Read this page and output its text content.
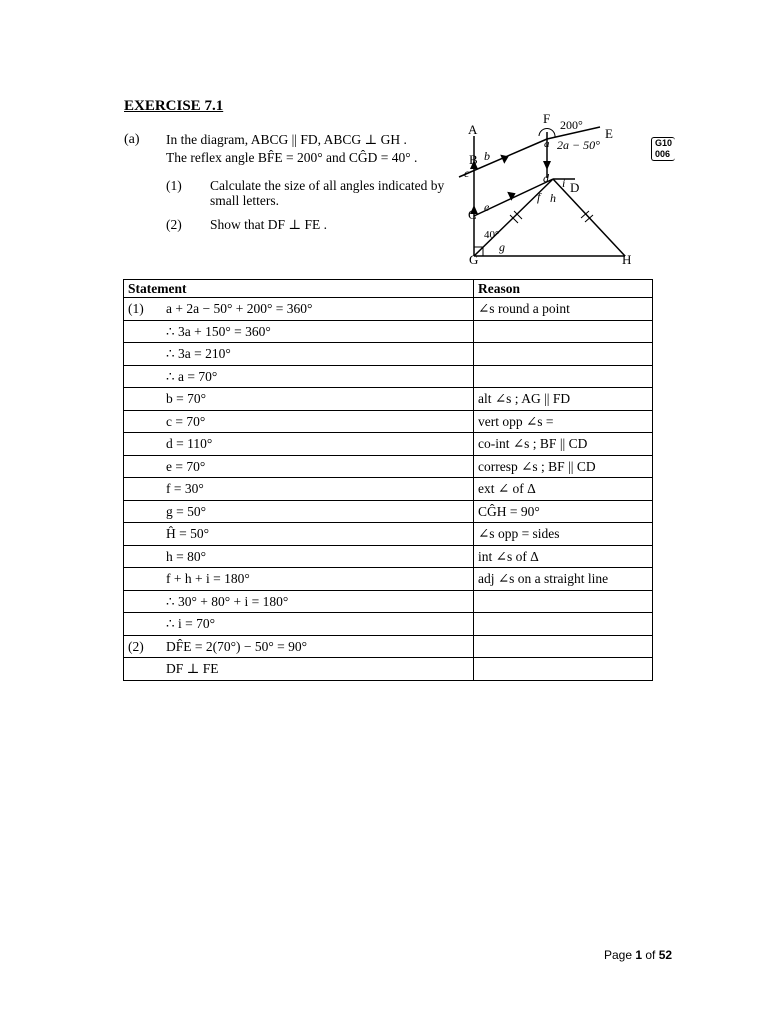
EXERCISE 7.1
(a) In the diagram, ABCG || FD, ABCG ⊥ GH .
The reflex angle BF̂E = 200° and CĜD = 40° .
(1) Calculate the size of all angles indicated by small letters.
(2) Show that DF ⊥ FE .
G10
006
A
B
C
G
F
E
D
H
a
b
c	d
e
f
g
h
i
200°
2a − 50°
40°
Statement	Reason
(1) a + 2a − 50° + 200° = 360°	∠s round a point
∴ 3a + 150° = 360°	
∴ 3a = 210°	
∴ a = 70°	
b = 70°	alt ∠s ; AG || FD
c = 70°	vert opp ∠s =
d = 110°	co-int ∠s ; BF || CD
e = 70°	corresp ∠s ; BF || CD
f = 30°	ext ∠ of Δ
g = 50°	CĜH = 90°
Ĥ = 50°	∠s opp = sides
h = 80°	int ∠s of Δ
f + h + i = 180°	adj ∠s on a straight line
∴ 30° + 80° + i = 180°	
∴ i = 70°	
(2) DF̂E = 2(70°) − 50° = 90°	
DF ⊥ FE	
Page 1 of 52
